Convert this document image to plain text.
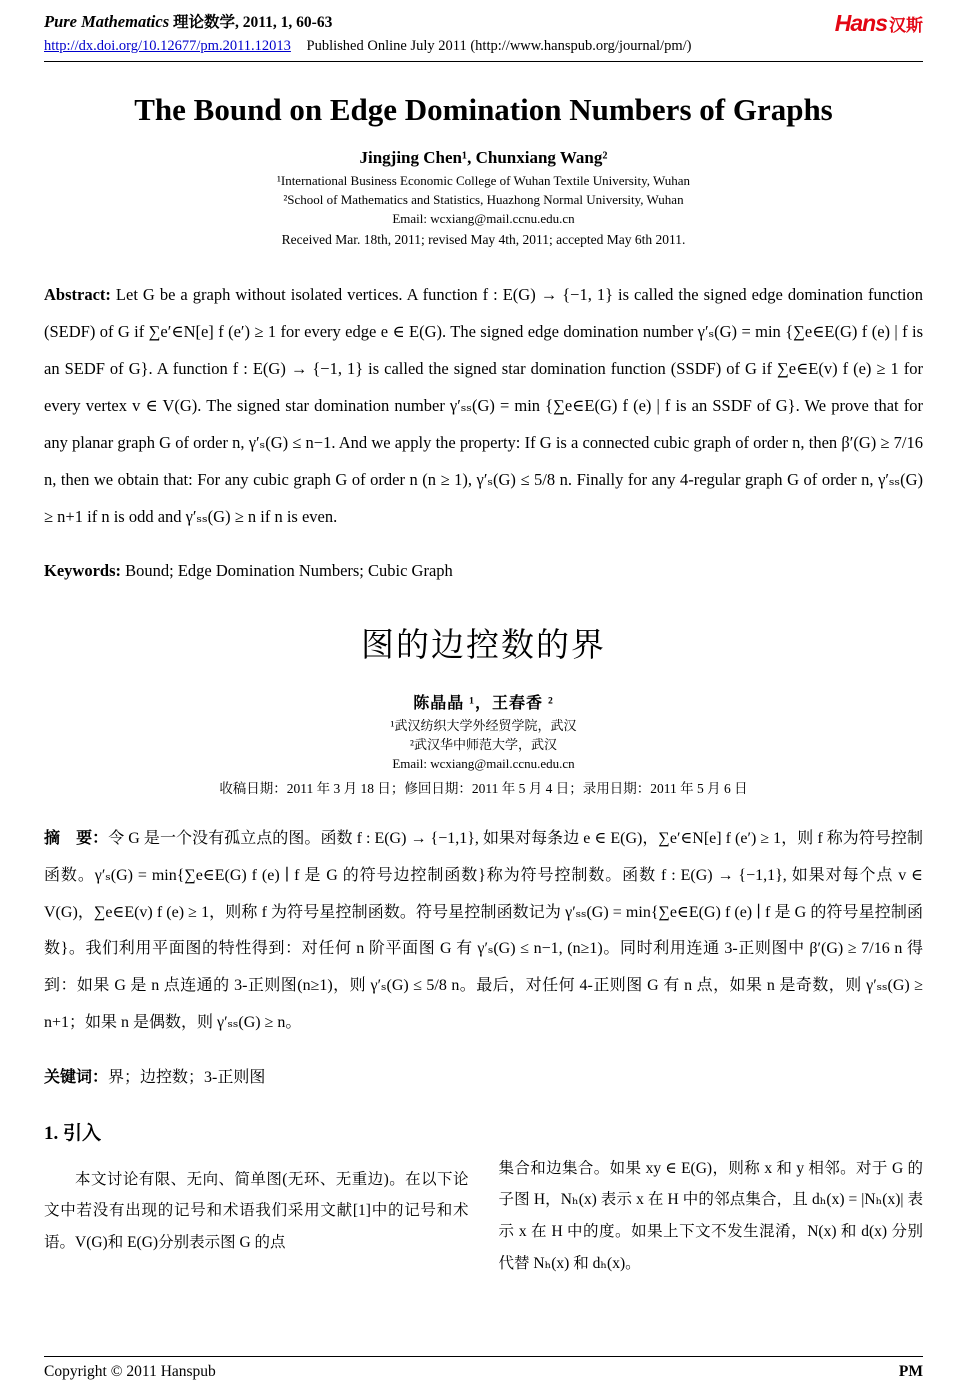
Pure Mathematics 理论数学, 2011, 1, 60-63	Hans 汉斯
http://dx.doi.org/10.12677/pm.2011.12013 Published Online July 2011 (http://www.hanspub.org/journal/pm/)
The Bound on Edge Domination Numbers of Graphs
Jingjing Chen¹, Chunxiang Wang²
¹International Business Economic College of Wuhan Textile University, Wuhan
²School of Mathematics and Statistics, Huazhong Normal University, Wuhan
Email: wcxiang@mail.ccnu.edu.cn
Received Mar. 18th, 2011; revised May 4th, 2011; accepted May 6th 2011.

Abstract: Let G be a graph without isolated vertices. A function f : E(G) → {−1, 1} is called the signed edge domination function (SEDF) of G if ∑e′∈N[e] f (e′) ≥ 1 for every edge e ∈ E(G). The signed edge domination number γ′ₛ(G) = min {∑e∈E(G) f (e) | f is an SEDF of G}. A function f : E(G) → {−1, 1} is called the signed star domination function (SSDF) of G if ∑e∈E(v) f (e) ≥ 1 for every vertex v ∈ V(G). The signed star domination number γ′ₛₛ(G) = min {∑e∈E(G) f (e) | f is an SSDF of G}. We prove that for any planar graph G of order n, γ′ₛ(G) ≤ n−1. And we apply the property: If G is a connected cubic graph of order n, then β′(G) ≥ 7/16 n, then we obtain that: For any cubic graph G of order n (n ≥ 1), γ′ₛ(G) ≤ 5/8 n. Finally for any 4-regular graph G of order n, γ′ₛₛ(G) ≥ n+1 if n is odd and γ′ₛₛ(G) ≥ n if n is even.

Keywords: Bound; Edge Domination Numbers; Cubic Graph

图的边控数的界
陈晶晶 ¹，王春香 ²
¹武汉纺织大学外经贸学院，武汉
²武汉华中师范大学，武汉
Email: wcxiang@mail.ccnu.edu.cn
收稿日期：2011 年 3 月 18 日；修回日期：2011 年 5 月 4 日；录用日期：2011 年 5 月 6 日

摘　要：令 G 是一个没有孤立点的图。函数 f : E(G) → {−1,1}, 如果对每条边 e ∈ E(G)，∑e′∈N[e] f (e′) ≥ 1，则 f 称为符号控制函数。γ′ₛ(G) = min{∑e∈E(G) f (e) ∣ f 是 G 的符号边控制函数}称为符号控制数。函数 f : E(G) → {−1,1}, 如果对每个点 v ∈ V(G)，∑e∈E(v) f (e) ≥ 1，则称 f 为符号星控制函数。符号星控制函数记为 γ′ₛₛ(G) = min{∑e∈E(G) f (e) ∣ f 是 G 的符号星控制函数}。我们利用平面图的特性得到：对任何 n 阶平面图 G 有 γ′ₛ(G) ≤ n−1, (n≥1)。同时利用连通 3-正则图中 β′(G) ≥ 7/16 n 得到：如果 G 是 n 点连通的 3-正则图(n≥1)，则 γ′ₛ(G) ≤ 5/8 n。最后，对任何 4-正则图 G 有 n 点，如果 n 是奇数，则 γ′ₛₛ(G) ≥ n+1；如果 n 是偶数，则 γ′ₛₛ(G) ≥ n。

关键词：界；边控数；3-正则图

1. 引入

本文讨论有限、无向、简单图(无环、无重边)。在以下论文中若没有出现的记号和术语我们采用文献[1]中的记号和术语。V(G)和 E(G)分别表示图 G 的点

集合和边集合。如果 xy ∈ E(G)，则称 x 和 y 相邻。对于 G 的子图 H，Nₕ(x) 表示 x 在 H 中的邻点集合，且 dₕ(x) = |Nₕ(x)| 表示 x 在 H 中的度。如果上下文不发生混淆，N(x) 和 d(x) 分别代替 Nₕ(x) 和 dₕ(x)。

Copyright © 2011 Hanspub	PM
